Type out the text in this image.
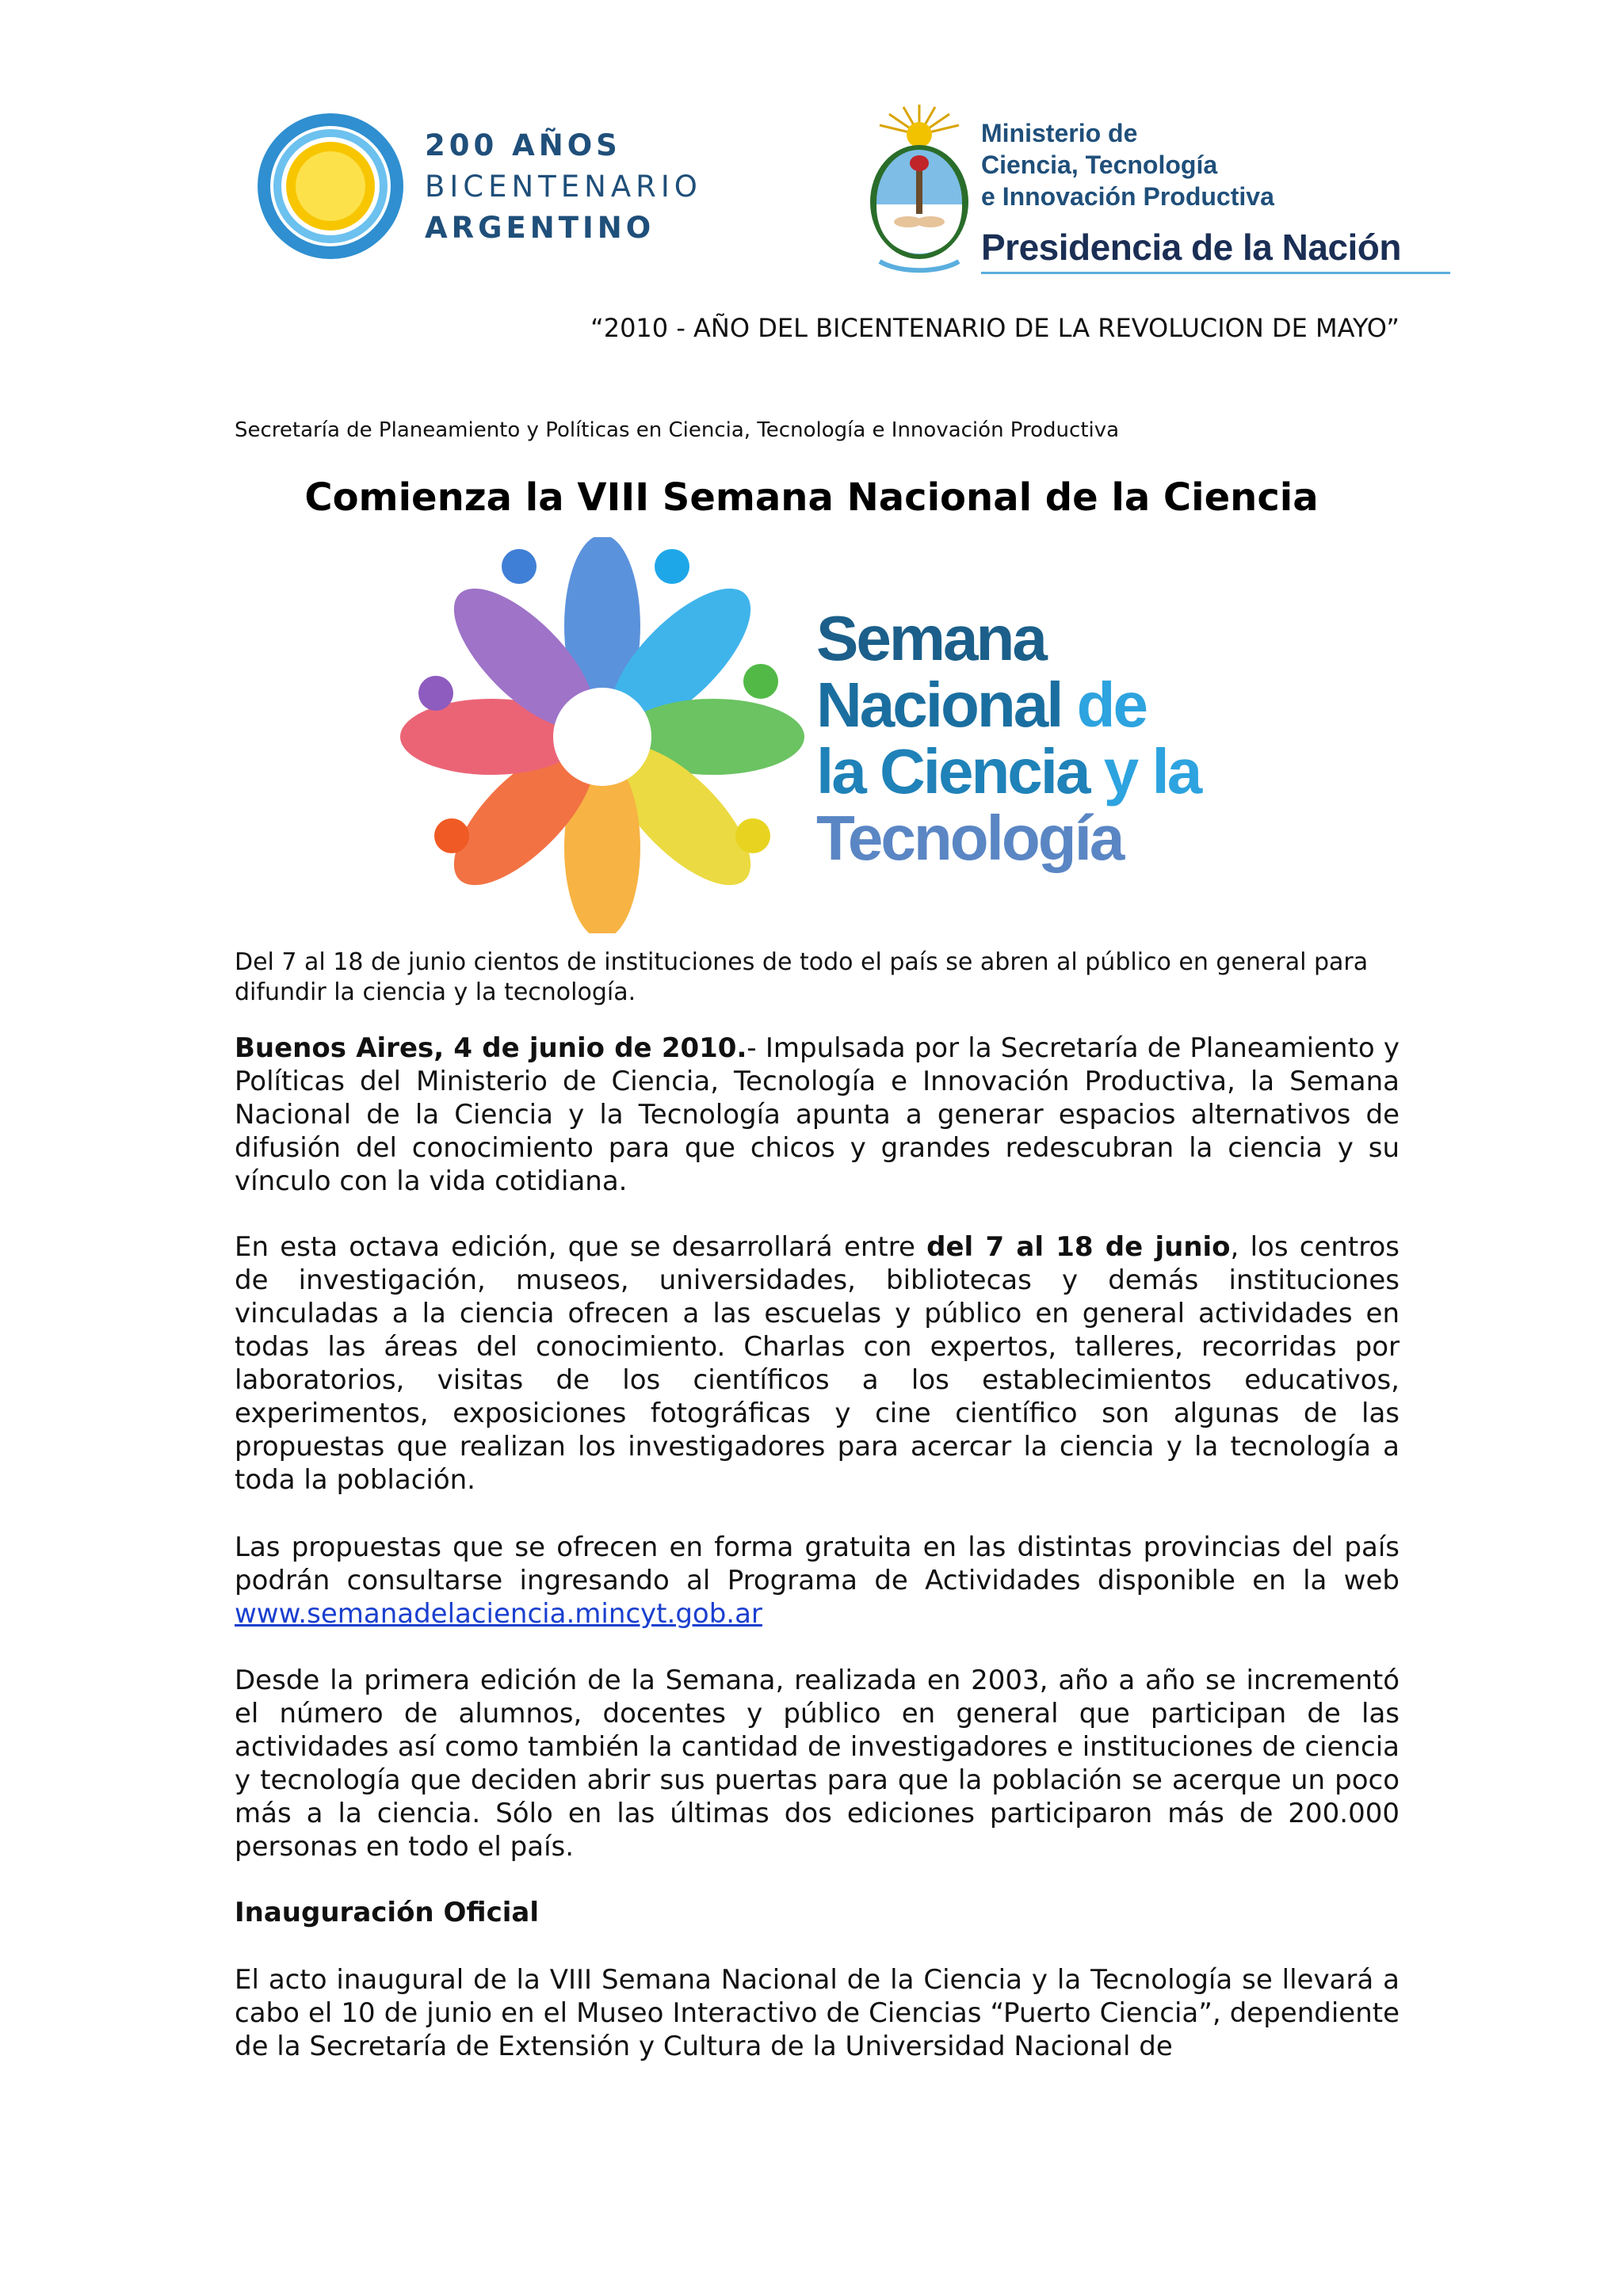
200 AÑOS
BICENTENARIO
ARGENTINO
Ministerio de
Ciencia, Tecnología
e Innovación Productiva
Presidencia de la Nación
“2010 - AÑO DEL BICENTENARIO DE LA REVOLUCION DE MAYO”
Secretaría de Planeamiento y Políticas en Ciencia, Tecnología e Innovación Productiva
Comienza la VIII Semana Nacional de la Ciencia
Semana
Nacional de
la Ciencia y la
Tecnología

Del 7 al 18 de junio cientos de instituciones de todo el país se abren al público en general para difundir la ciencia y la tecnología.

Buenos Aires, 4 de junio de 2010.- Impulsada por la Secretaría de Planeamiento y Políticas del Ministerio de Ciencia, Tecnología e Innovación Productiva, la Semana Nacional de la Ciencia y la Tecnología apunta a generar espacios alternativos de difusión del conocimiento para que chicos y grandes redescubran la ciencia y su vínculo con la vida cotidiana.

En esta octava edición, que se desarrollará entre del 7 al 18 de junio, los centros de investigación, museos, universidades, bibliotecas y demás instituciones vinculadas a la ciencia ofrecen a las escuelas y público en general actividades en todas las áreas del conocimiento. Charlas con expertos, talleres, recorridas por laboratorios, visitas de los científicos a los establecimientos educativos, experimentos, exposiciones fotográficas y cine científico son algunas de las propuestas que realizan los investigadores para acercar la ciencia y la tecnología a toda la población.

Las propuestas que se ofrecen en forma gratuita en las distintas provincias del país podrán consultarse ingresando al Programa de Actividades disponible en la web www.semanadelaciencia.mincyt.gob.ar

Desde la primera edición de la Semana, realizada en 2003, año a año se incrementó el número de alumnos, docentes y público en general que participan de las actividades así como también la cantidad de investigadores e instituciones de ciencia y tecnología que deciden abrir sus puertas para que la población se acerque un poco más a la ciencia. Sólo en las últimas dos ediciones participaron más de 200.000 personas en todo el país.

Inauguración Oficial

El acto inaugural de la VIII Semana Nacional de la Ciencia y la Tecnología se llevará a cabo el 10 de junio en el Museo Interactivo de Ciencias “Puerto Ciencia”, dependiente de la Secretaría de Extensión y Cultura de la Universidad Nacional de
